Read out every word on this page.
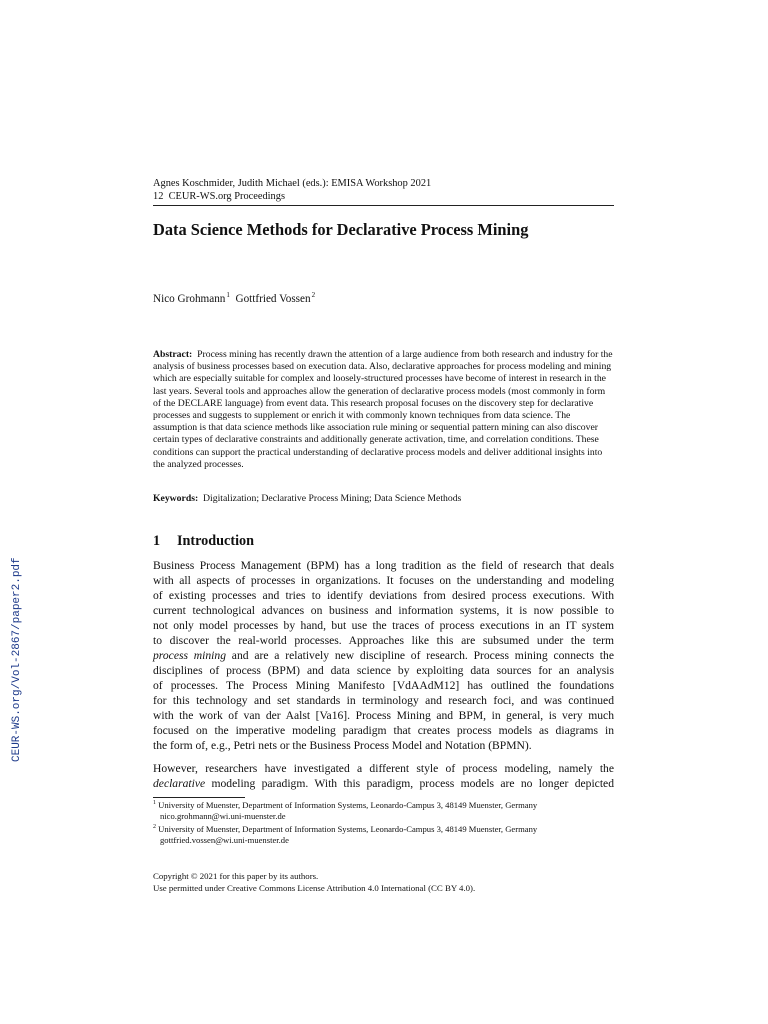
Agnes Koschmider, Judith Michael (eds.): EMISA Workshop 2021
12 CEUR-WS.org Proceedings
Data Science Methods for Declarative Process Mining
Nico Grohmann$^1$ Gottfried Vossen$^2$
Abstract: Process mining has recently drawn the attention of a large audience from both research and industry for the analysis of business processes based on execution data. Also, declarative approaches for process modeling and mining which are especially suitable for complex and loosely-structured processes have become of interest in research in the last years. Several tools and approaches allow the generation of declarative process models (most commonly in form of the DECLARE language) from event data. This research proposal focuses on the discovery step for declarative processes and suggests to supplement or enrich it with commonly known techniques from data science. The assumption is that data science methods like association rule mining or sequential pattern mining can also discover certain types of declarative constraints and additionally generate activation, time, and correlation conditions. These conditions can support the practical understanding of declarative process models and deliver additional insights into the analyzed processes.
Keywords: Digitalization; Declarative Process Mining; Data Science Methods
1 Introduction
Business Process Management (BPM) has a long tradition as the field of research that deals
with all aspects of processes in organizations. It focuses on the understanding and modeling
of existing processes and tries to identify deviations from desired process executions. With
current technological advances on business and information systems, it is now possible to
not only model processes by hand, but use the traces of process executions in an IT system
to discover the real-world processes. Approaches like this are subsumed under the term
process mining and are a relatively new discipline of research. Process mining connects the
disciplines of process (BPM) and data science by exploiting data sources for an analysis
of processes. The Process Mining Manifesto [VdAAdM12] has outlined the foundations
for this technology and set standards in terminology and research foci, and was continued
with the work of van der Aalst [Va16]. Process Mining and BPM, in general, is very much
focused on the imperative modeling paradigm that creates process models as diagrams in
the form of, e.g., Petri nets or the Business Process Model and Notation (BPMN).
However, researchers have investigated a different style of process modeling, namely the
declarative modeling paradigm. With this paradigm, process models are no longer depicted
$^1$ University of Muenster, Department of Information Systems, Leonardo-Campus 3, 48149 Muenster, Germany
nico.grohmann@wi.uni-muenster.de
$^2$ University of Muenster, Department of Information Systems, Leonardo-Campus 3, 48149 Muenster, Germany
gottfried.vossen@wi.uni-muenster.de
Copyright © 2021 for this paper by its authors.
Use permitted under Creative Commons License Attribution 4.0 International (CC BY 4.0).
CEUR-WS.org/Vol-2867/paper2.pdf
